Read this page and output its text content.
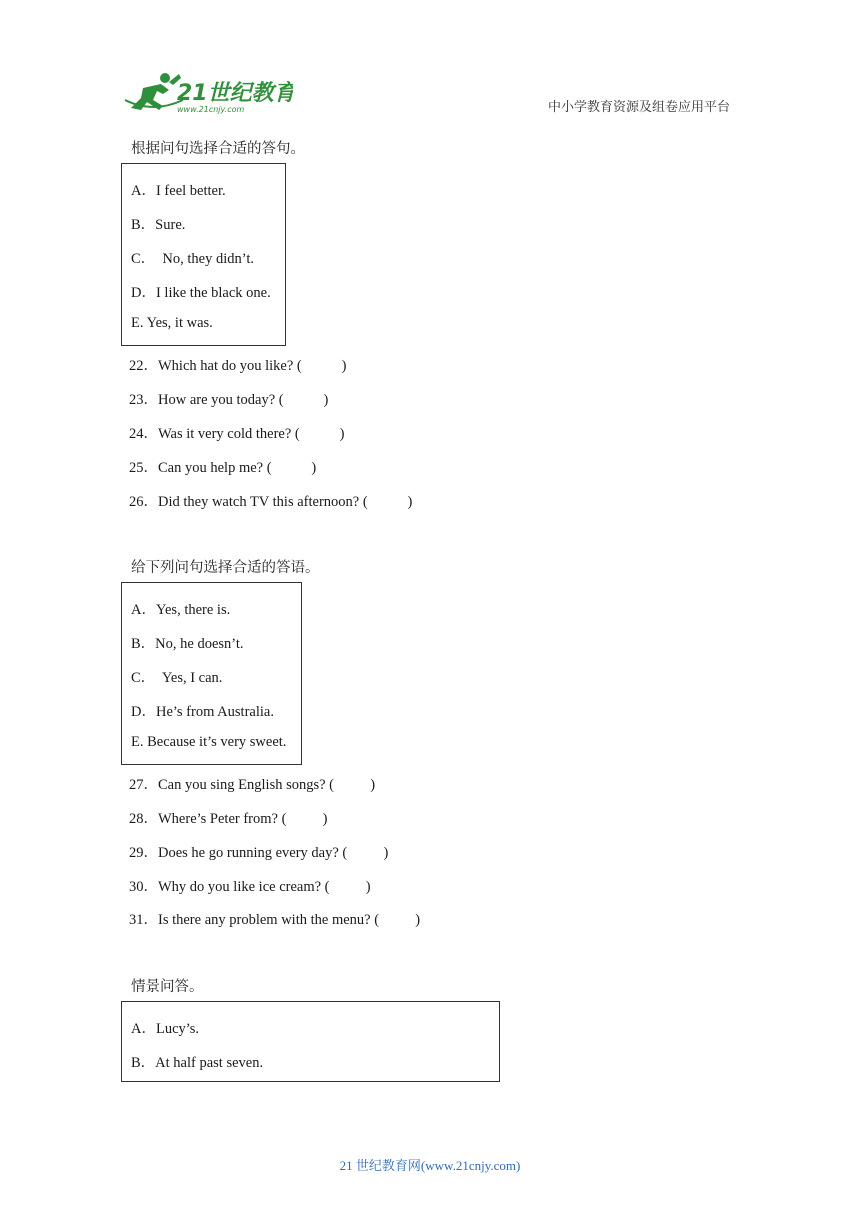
21世纪教育
www.21cnjy.com	中小学教育资源及组卷应用平台
根据问句选择合适的答句。
A．I feel better.
B．Sure.
C．  No, they didn’t.
D．I like the black one.
E. Yes, it was.
22．Which hat do you like? (           )
23．How are you today? (           )
24．Was it very cold there? (           )
25．Can you help me? (           )
26．Did they watch TV this afternoon? (           )
给下列问句选择合适的答语。
A．Yes, there is.
B．No, he doesn’t.
C．  Yes, I can.
D．He’s from Australia.
E. Because it’s very sweet.
27．Can you sing English songs? (          )
28．Where’s Peter from? (          )
29．Does he go running every day? (          )
30．Why do you like ice cream? (          )
31．Is there any problem with the menu? (          )
情景问答。
A．Lucy’s.
B．At half past seven.
21 世纪教育网(www.21cnjy.com)
